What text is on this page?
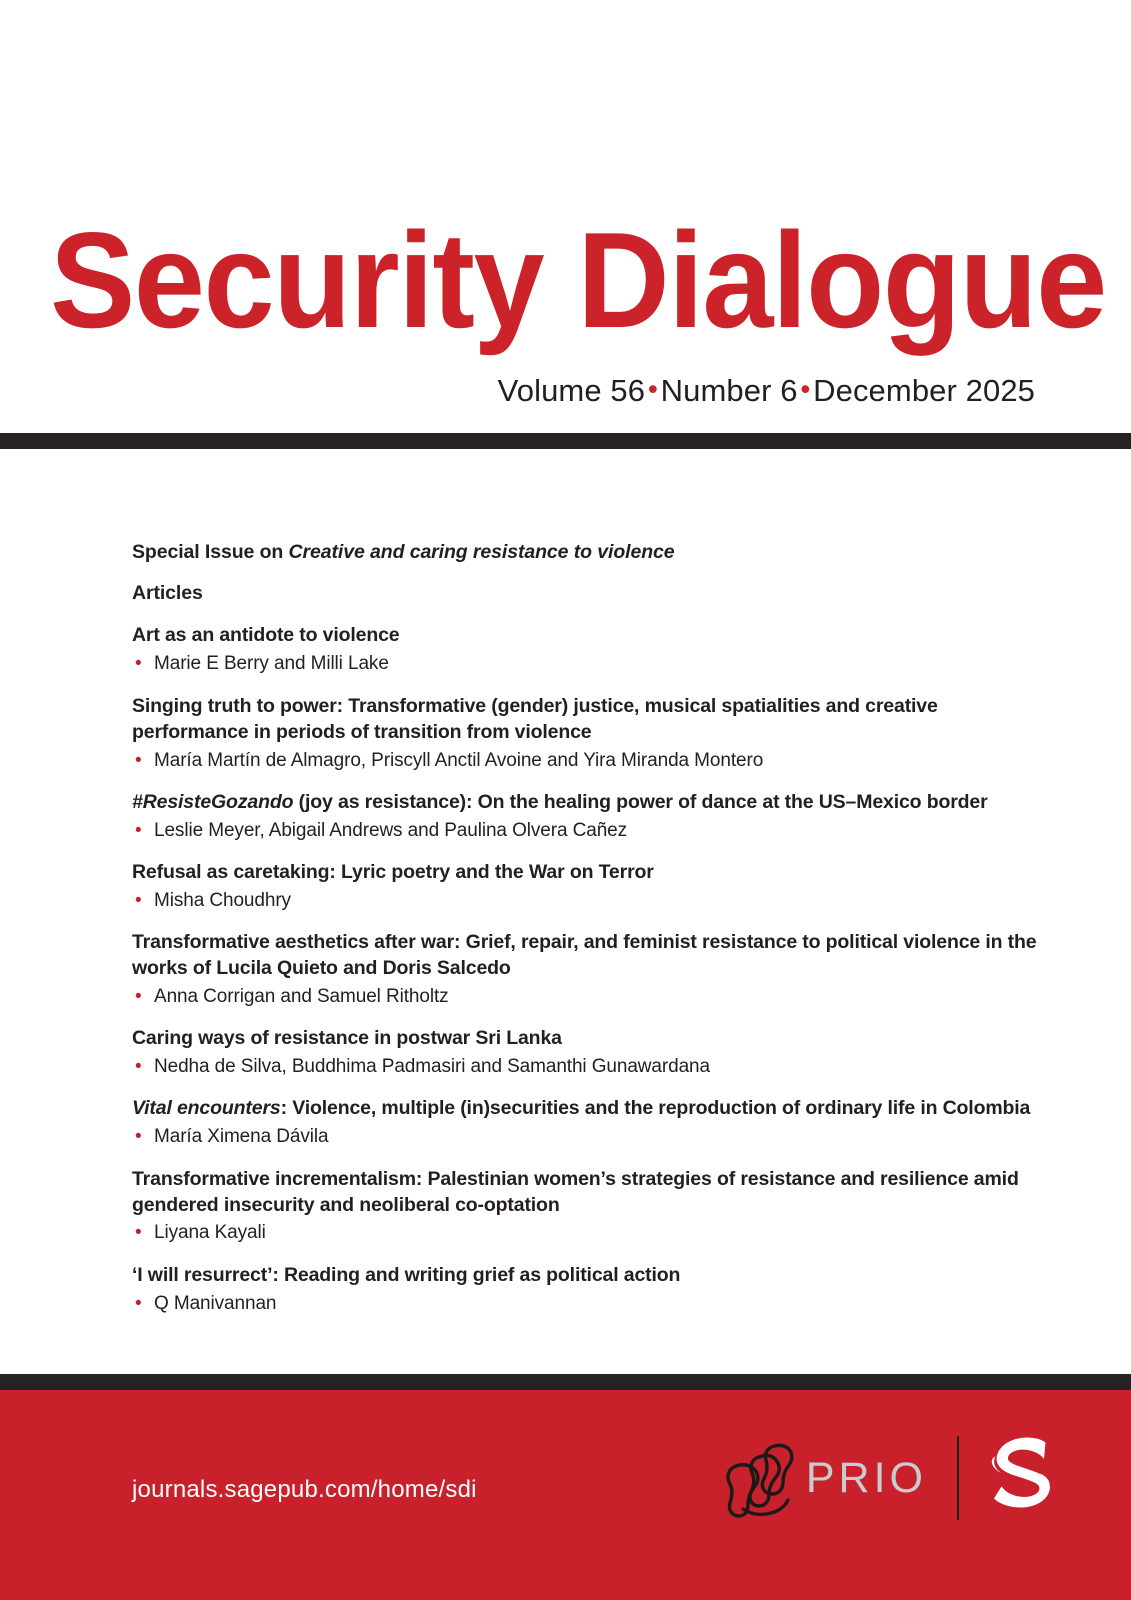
Security Dialogue
Volume 56 •Number 6 •December 2025
Special Issue on Creative and caring resistance to violence
Articles
Art as an antidote to violence
• Marie E Berry and Milli Lake
Singing truth to power: Transformative (gender) justice, musical spatialities and creative performance in periods of transition from violence
• María Martín de Almagro, Priscyll Anctil Avoine and Yira Miranda Montero
#ResisteGozando (joy as resistance): On the healing power of dance at the US–Mexico border
• Leslie Meyer, Abigail Andrews and Paulina Olvera Cañez
Refusal as caretaking: Lyric poetry and the War on Terror
• Misha Choudhry
Transformative aesthetics after war: Grief, repair, and feminist resistance to political violence in the works of Lucila Quieto and Doris Salcedo
• Anna Corrigan and Samuel Ritholtz
Caring ways of resistance in postwar Sri Lanka
• Nedha de Silva, Buddhima Padmasiri and Samanthi Gunawardana
Vital encounters: Violence, multiple (in)securities and the reproduction of ordinary life in Colombia
• María Ximena Dávila
Transformative incrementalism: Palestinian women’s strategies of resistance and resilience amid gendered insecurity and neoliberal co-optation
• Liyana Kayali
‘I will resurrect’: Reading and writing grief as political action
• Q Manivannan
journals.sagepub.com/home/sdi	PRIO
